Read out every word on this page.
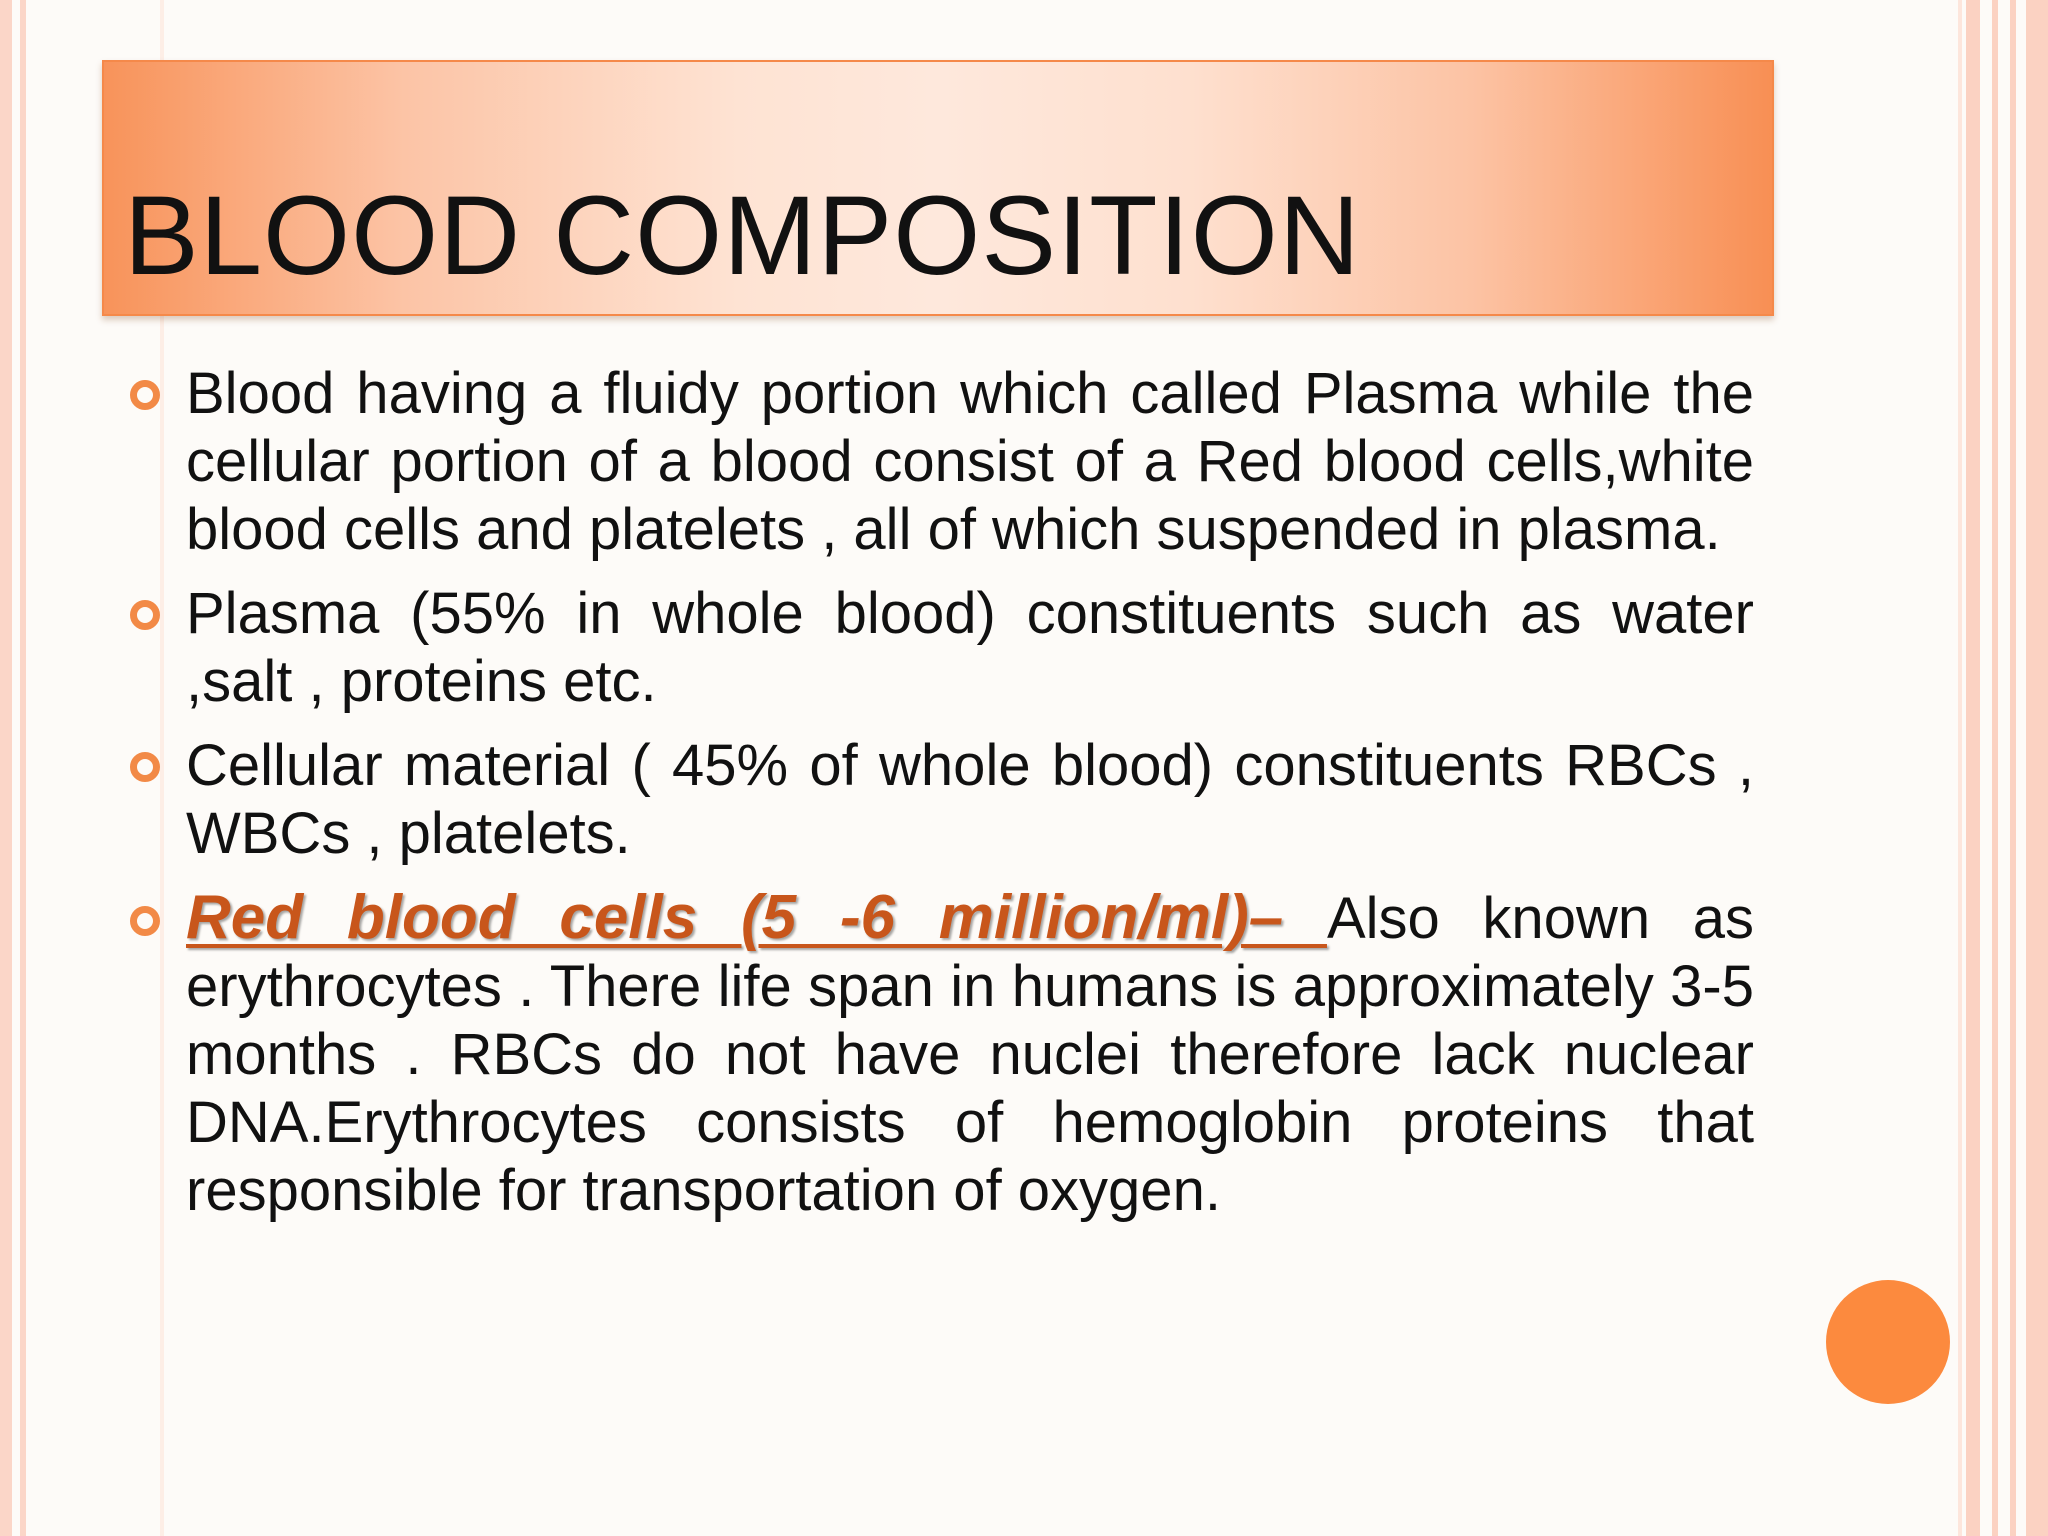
BLOOD COMPOSITION
Blood having a fluidy portion which called Plasma while the cellular portion of a blood consist of a Red blood cells,white blood cells and platelets , all of which suspended in plasma.
Plasma (55% in whole blood) constituents such as water ,salt , proteins etc.
Cellular material ( 45% of whole blood) constituents RBCs , WBCs , platelets.
Red blood cells (5 -6 million/ml)– Also known as erythrocytes . There life span in humans is approximately 3-5 months . RBCs do not have nuclei therefore lack nuclear DNA.Erythrocytes consists of hemoglobin proteins that responsible for transportation of oxygen.
